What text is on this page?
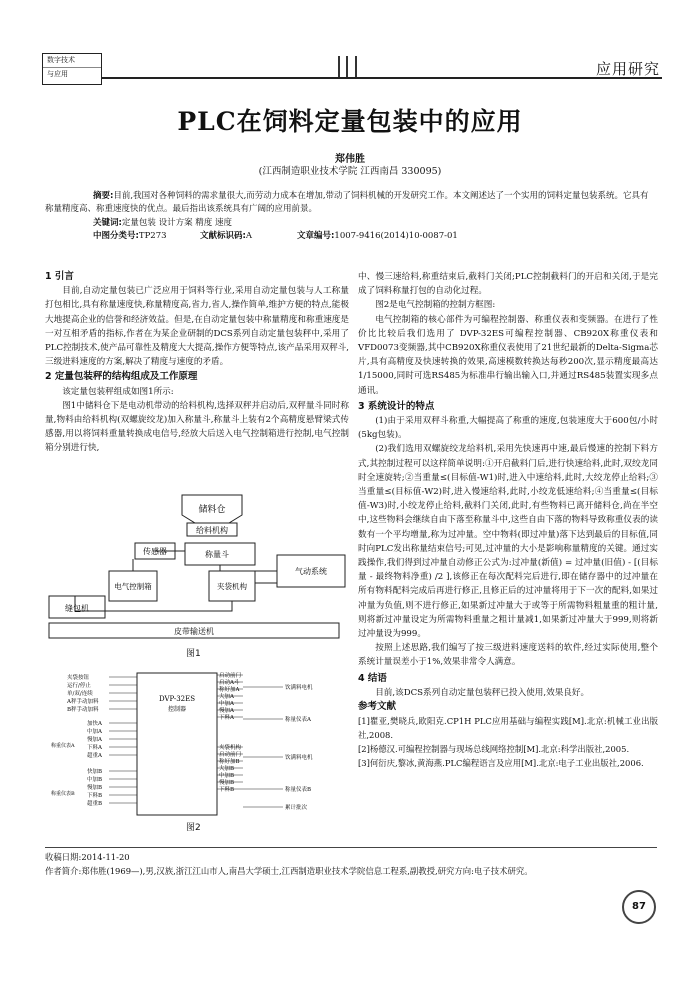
数字技术
与应用	应用研究
PLC在饲料定量包装中的应用
郑伟胜
(江西制造职业技术学院 江西南昌 330095)
摘要:目前,我国对各种饲料的需求量很大,而劳动力成本在增加,带动了饲料机械的开发研究工作。本文阐述达了一个实用的饲料定量包装系统。它具有称量精度高、称重速度快的优点。最后指出该系统具有广阔的应用前景。
关键词:定量包装 设计方案 精度 速度
中图分类号:TP273	文献标识码:A	文章编号:1007-9416(2014)10-0087-01
1 引言

目前,自动定量包装已广泛应用于饲料等行业,采用自动定量包装与人工称量打包相比,具有称量速度快,称量精度高,省力,省人,操作简单,维护方便的特点,能极大地提高企业的信誉和经济效益。但是,在自动定量包装中称量精度和称重速度是一对互相矛盾的指标,作者在为某企业研制的DCS系列自动定量包装秤中,采用了PLC控制技术,使产品可靠性及精度大大提高,操作方便等特点,该产品采用双秤斗,三级进料速度的方案,解决了精度与速度的矛盾。

2 定量包装秤的结构组成及工作原理

该定量包装秤组成如图1所示:

图1中储料仓下是电动机带动的给料机构,选择双秤并启动后,双秤量斗同时称量,物料由给料机构(双螺旋绞龙)加入称量斗,称量斗上装有2个高精度悬臂梁式传感器,用以将饲料重量转换成电信号,经放大后送入电气控制箱进行控制,电气控制箱分别进行快,

储料仓
给料机构
传感器	称量斗
气动系统
电气控制箱	夹袋机构
缝包机
皮带输送机
图1
DVP-32ES
控制器
夹袋按钮
运行/停止
单/双/连续
A秤手动加料
B秤手动加料
加快A
中加A
慢加A
下料A
超重A
快加B
中加B
慢加B
下料B
超重B
启动前门
启动A斗
称好加A
大加A
中加A
慢加A
下料A
夹袋机构
启动前门
称好加B
大加B
中加B
慢加B
下料B
饮满料电机
称量仪表A
饮满料电机
称量仪表B
累计批次
称重仪表A
称重仪表B
图2

中、慢三速给料,称重结束后,截料门关闭;PLC控制截料门的开启和关闭,于是完成了饲料称量打包的自动化过程。

图2是电气控制箱的控制方框图:

电气控制箱的核心部件为可编程控制器、称重仪表和变频器。在进行了性价比比较后我们选用了 DVP-32ES可编程控制器、CB920X称重仪表和VFD0073变频器,其中CB920X称重仪表使用了21世纪最新的Delta-Sigma芯片,具有高精度及快速转换的效果,高速模数转换达每秒200次,显示精度最高达1/15000,同时可选RS485为标准串行输出输入口,并通过RS485装置实现多点通讯。

3 系统设计的特点

(1)由于采用双秤斗称重,大幅提高了称重的速度,包装速度大于600包/小时(5kg包装)。

(2)我们选用双螺旋绞龙给料机,采用先快速再中速,最后慢速的控制下料方式,其控制过程可以这样简单说明:①开启截料门后,进行快速给料,此时,双绞龙同时全速旋转;②当重量≤(目标值-W1)时,进入中速给料,此时,大绞龙停止给料;③当重量≤(目标值-W2)时,进入慢速给料,此时,小绞龙低速给料;④当重量≤(目标值-W3)时,小绞龙停止给料,截料门关闭,此时,有些物料已离开储料仓,尚在半空中,这些物料会继续自由下落至称量斗中,这些自由下落的物料导致称重仪表的读数有一个平均增量,称为过冲量。空中物料(即过冲量)落下达到最后的目标值,同时向PLC发出称量结束信号;可见,过冲量的大小是影响称量精度的关键。通过实践操作,我们得到过冲量自动修正公式为:过冲量(新值) = 过冲量(旧值) - [(目标量 - 最终物料净重) /2 ],该修正在每次配料完后进行,即在储存器中的过冲量在所有物料配料完成后再进行修正,且修正后的过冲量将用于下一次的配料,如果过冲量为负值,则不进行修正,如果新过冲量大于或等于所需物料粗量重的粗计量,则将新过冲量设定为所需物料重量之粗计量减1,如果新过冲量大于999,则将新过冲量设为999。

按照上述思路,我们编写了按三级进料速度送料的软件,经过实际使用,整个系统计量误差小于1%,效果非常令人满意。

4 结语

目前,该DCS系列自动定量包装秤已投入使用,效果良好。

参考文献
[1]瞿亚,樊晓兵,欧阳克.CP1H PLC应用基础与编程实践[M].北京:机械工业出版社,2008.
[2]杨德汉.可编程控制器与现场总线网络控制[M].北京:科学出版社,2005.
[3]何衍庆,黎冰,黄海燕.PLC编程语言及应用[M].北京:电子工业出版社,2006.
收稿日期:2014-11-20
作者简介:郑伟胜(1969—),男,汉族,浙江江山市人,南昌大学硕士,江西制造职业技术学院信息工程系,副教授,研究方向:电子技术研究。
87
